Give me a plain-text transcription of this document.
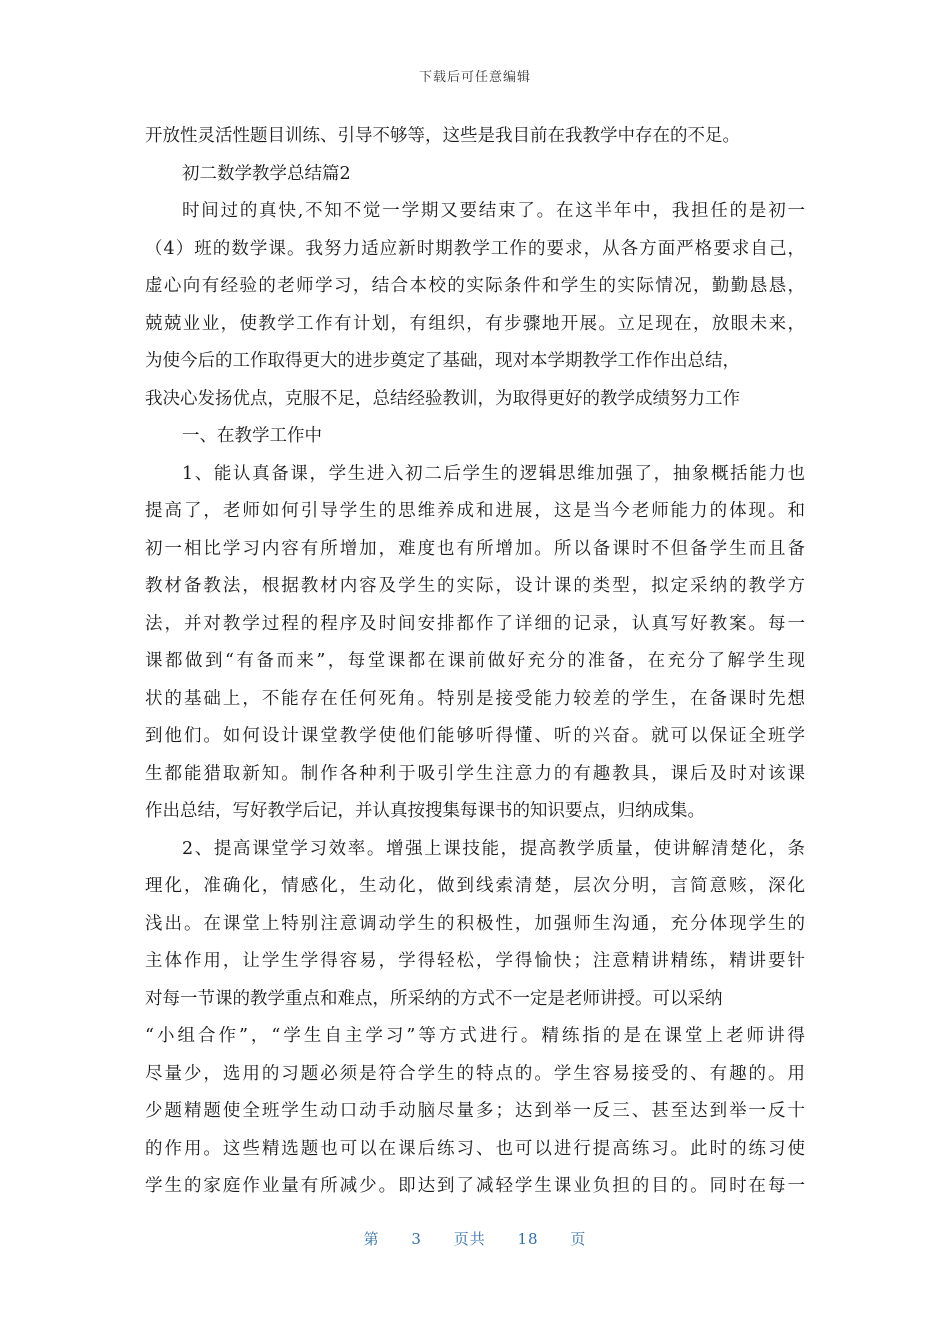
下载后可任意编辑
开放性灵活性题目训练、引导不够等，这些是我目前在我教学中存在的不足。
初二数学教学总结篇2
时间过的真快,不知不觉一学期又要结束了。在这半年中，我担任的是初一
（4）班的数学课。我努力适应新时期教学工作的要求，从各方面严格要求自己，
虚心向有经验的老师学习，结合本校的实际条件和学生的实际情况，勤勤恳恳，
兢兢业业，使教学工作有计划，有组织，有步骤地开展。立足现在，放眼未来，
为使今后的工作取得更大的进步奠定了基础，现对本学期教学工作作出总结，
我决心发扬优点，克服不足，总结经验教训，为取得更好的教学成绩努力工作
一、在教学工作中
1、能认真备课，学生进入初二后学生的逻辑思维加强了，抽象概括能力也
提高了，老师如何引导学生的思维养成和进展，这是当今老师能力的体现。和
初一相比学习内容有所增加，难度也有所增加。所以备课时不但备学生而且备
教材备教法，根据教材内容及学生的实际，设计课的类型，拟定采纳的教学方
法，并对教学过程的程序及时间安排都作了详细的记录，认真写好教案。每一
课都做到“有备而来”，每堂课都在课前做好充分的准备，在充分了解学生现
状的基础上，不能存在任何死角。特别是接受能力较差的学生，在备课时先想
到他们。如何设计课堂教学使他们能够听得懂、听的兴奋。就可以保证全班学
生都能猎取新知。制作各种利于吸引学生注意力的有趣教具，课后及时对该课
作出总结，写好教学后记，并认真按搜集每课书的知识要点，归纳成集。
2、提高课堂学习效率。增强上课技能，提高教学质量，使讲解清楚化，条
理化，准确化，情感化，生动化，做到线索清楚，层次分明，言简意赅，深化
浅出。在课堂上特别注意调动学生的积极性，加强师生沟通，充分体现学生的
主体作用，让学生学得容易，学得轻松，学得愉快；注意精讲精练，精讲要针
对每一节课的教学重点和难点，所采纳的方式不一定是老师讲授。可以采纳
“小组合作”，“学生自主学习”等方式进行。精练指的是在课堂上老师讲得
尽量少，选用的习题必须是符合学生的特点的。学生容易接受的、有趣的。用
少题精题使全班学生动口动手动脑尽量多；达到举一反三、甚至达到举一反十
的作用。这些精选题也可以在课后练习、也可以进行提高练习。此时的练习使
学生的家庭作业量有所减少。即达到了减轻学生课业负担的目的。同时在每一
第 3 页共 18 页
